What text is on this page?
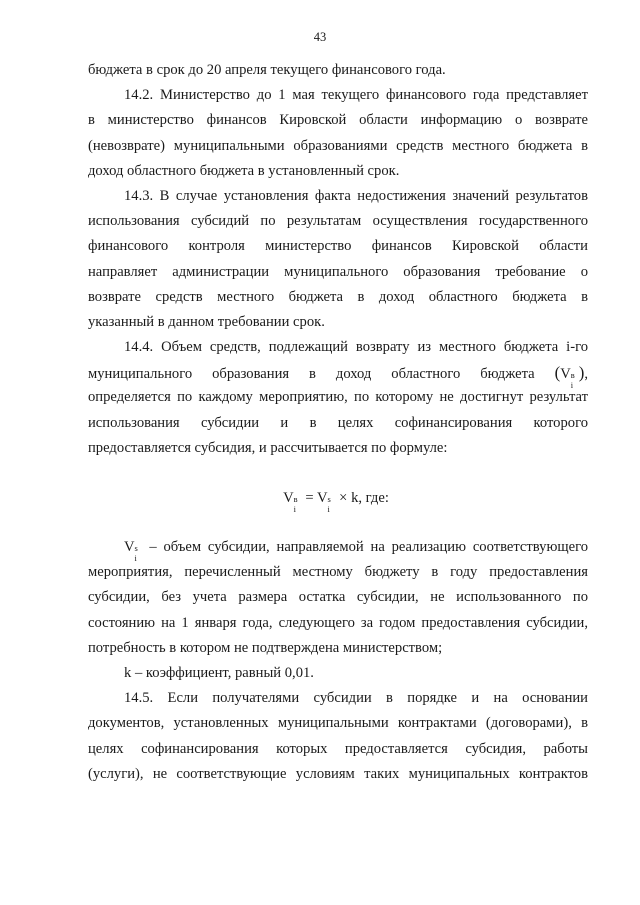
43
бюджета в срок до 20 апреля текущего финансового года.
14.2. Министерство до 1 мая текущего финансового года представляет
в министерство финансов Кировской области информацию о возврате
(невозврате) муниципальными образованиями средств местного бюджета в
доход областного бюджета в установленный срок.
14.3. В случае установления факта недостижения значений результатов
использования субсидий по результатам осуществления государственного
финансового контроля министерство финансов Кировской области
направляет администрации муниципального образования требование о
возврате средств местного бюджета в доход областного бюджета в
указанный в данном требовании срок.
14.4. Объем средств, подлежащий возврату из местного бюджета i-го
муниципального образования в доход областного бюджета (V в
i
),
определяется по каждому мероприятию, по которому не достигнут результат
использования субсидии и в целях софинансирования которого
предоставляется субсидия, и рассчитывается по формуле:
V в
i
= V s
i
× k, где:
V s
i
– объем субсидии, направляемой на реализацию соответствующего
мероприятия, перечисленный местному бюджету в году предоставления
субсидии, без учета размера остатка субсидии, не использованного по
состоянию на 1 января года, следующего за годом предоставления субсидии,
потребность в котором не подтверждена министерством;
k – коэффициент, равный 0,01.
14.5. Если получателями субсидии в порядке и на основании
документов, установленных муниципальными контрактами (договорами), в
целях софинансирования которых предоставляется субсидия, работы
(услуги), не соответствующие условиям таких муниципальных контрактов
